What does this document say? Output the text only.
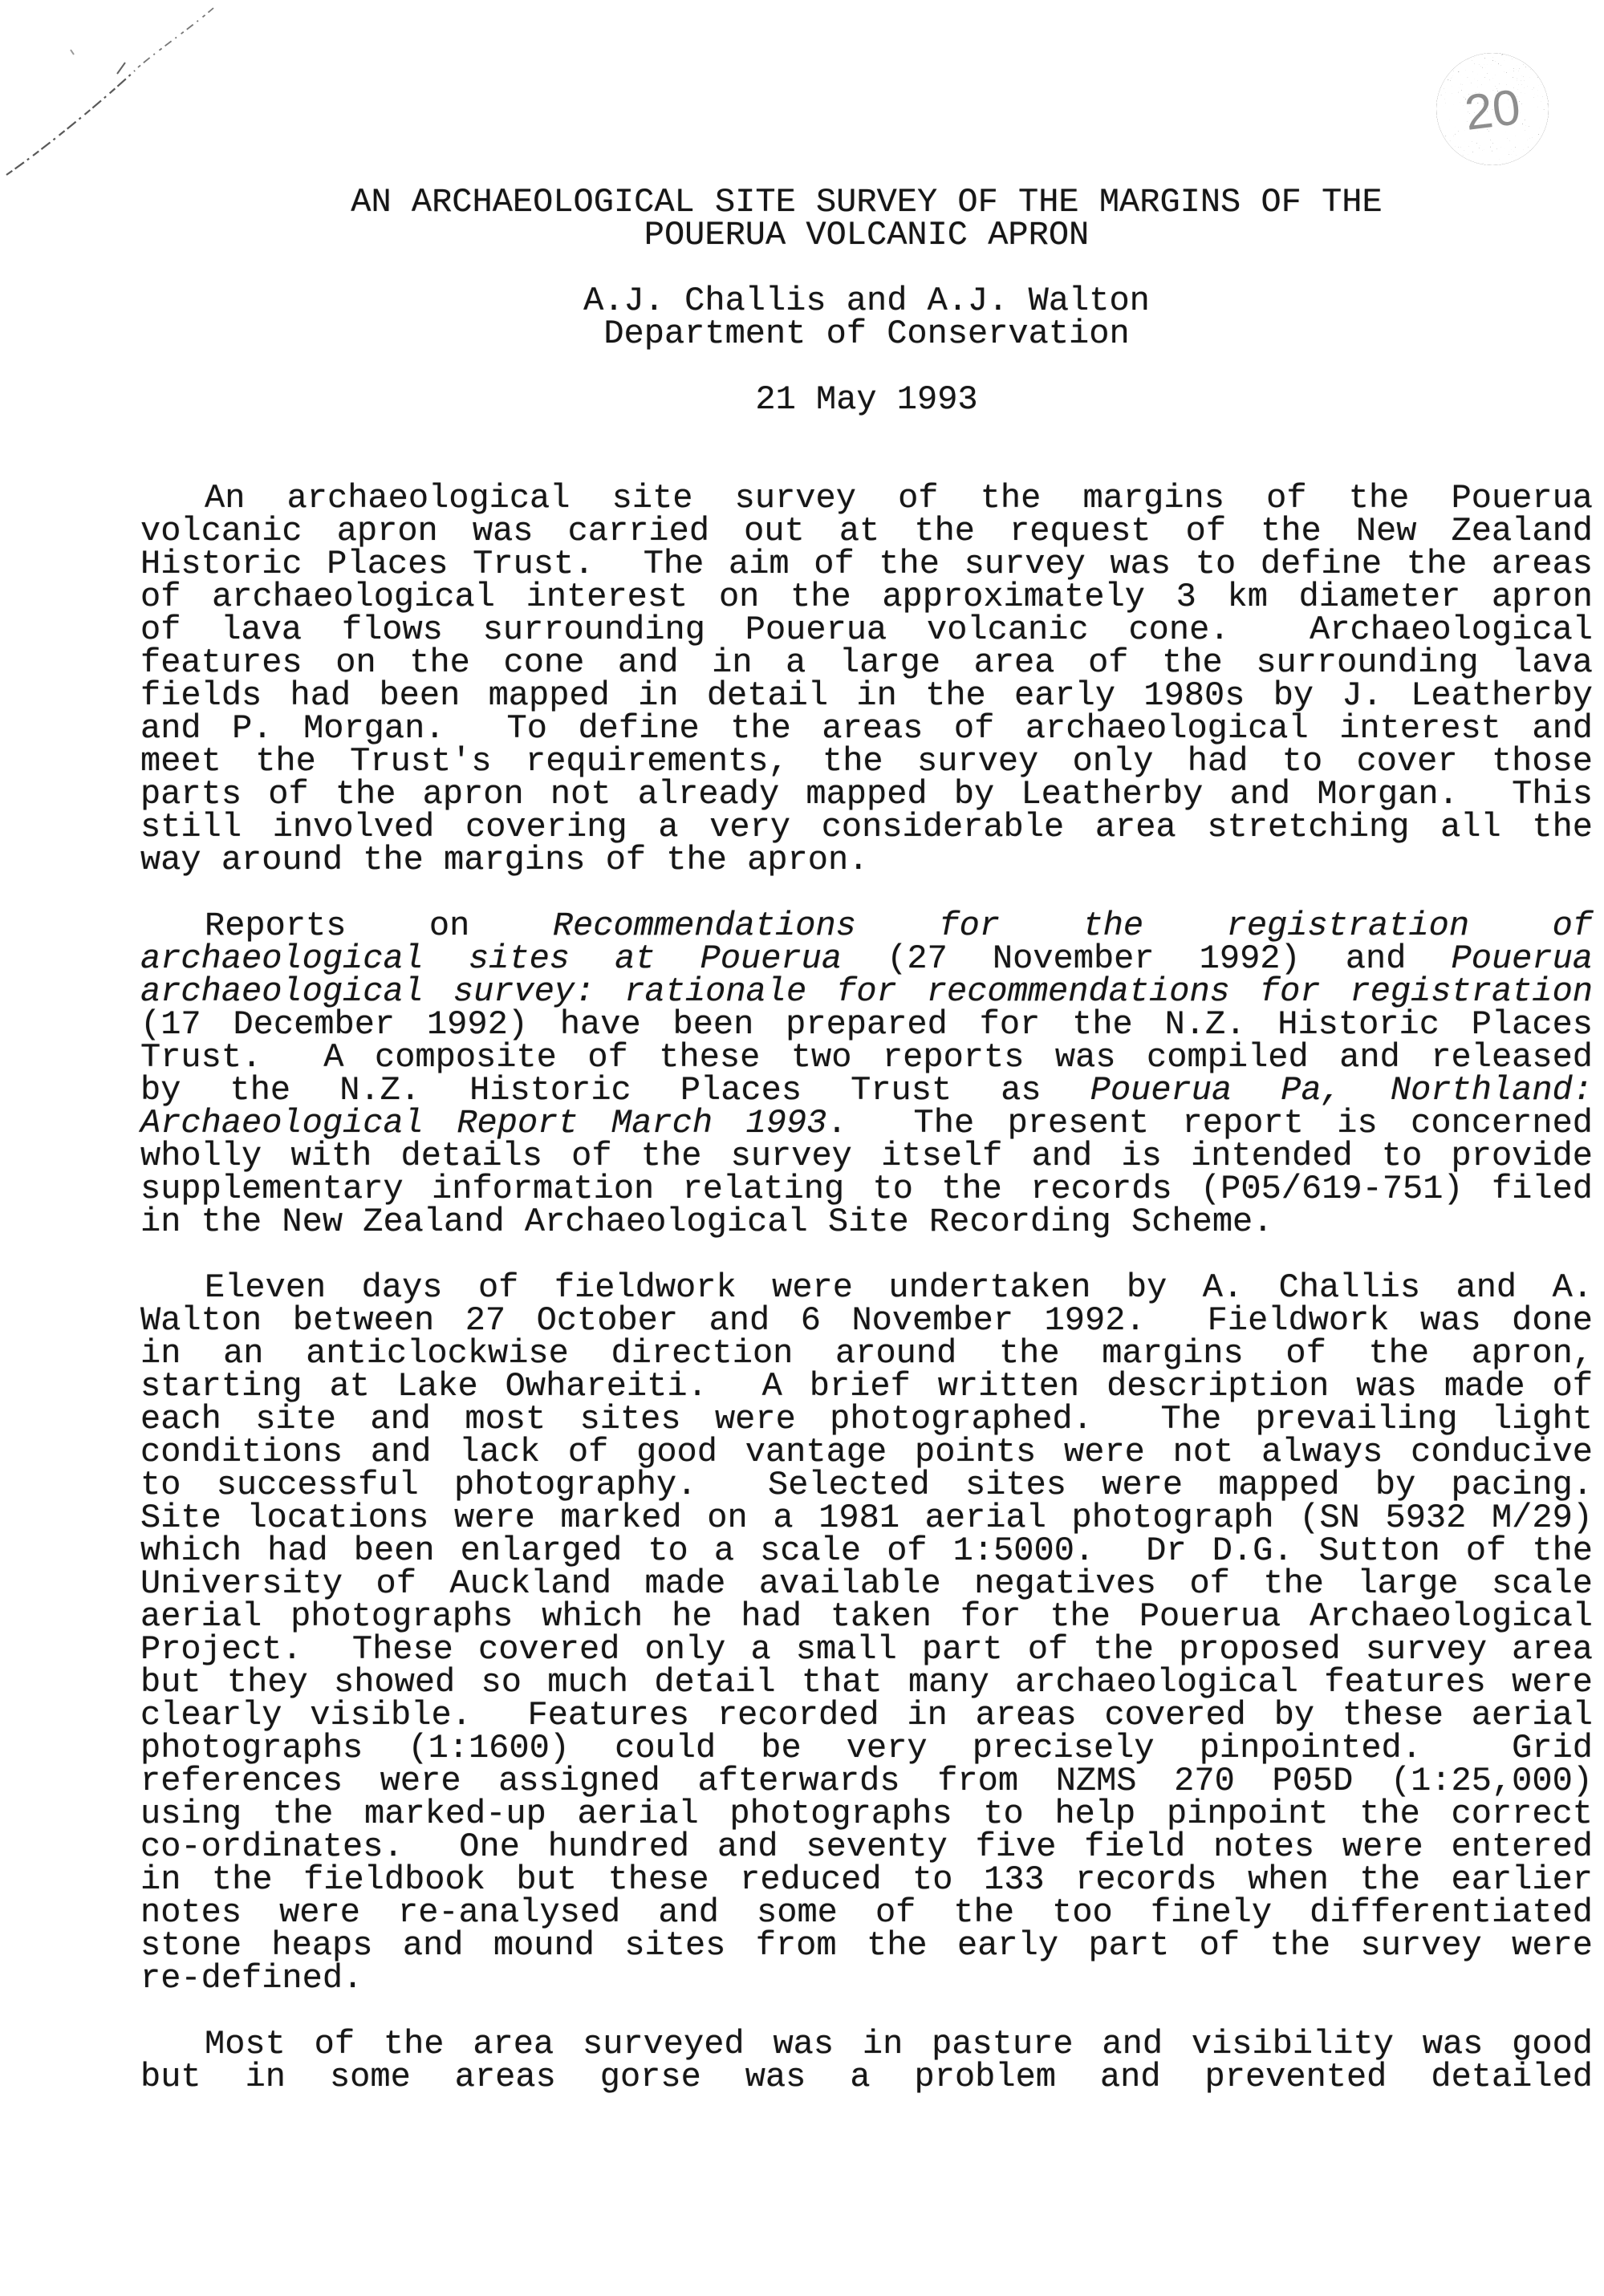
20
AN ARCHAEOLOGICAL SITE SURVEY OF THE MARGINS OF THE
POUERUA VOLCANIC APRON
A.J. Challis and A.J. Walton
Department of Conservation
21 May 1993
An archaeological site survey of the margins of the Pouerua
volcanic apron was carried out at the request of the New Zealand
Historic Places Trust.  The aim of the survey was to define the areas
of archaeological interest on the approximately 3 km diameter apron
of lava flows surrounding Pouerua volcanic cone.  Archaeological
features on the cone and in a large area of the surrounding lava
fields had been mapped in detail in the early 1980s by J. Leatherby
and P. Morgan.  To define the areas of archaeological interest and
meet the Trust's requirements, the survey only had to cover those
parts of the apron not already mapped by Leatherby and Morgan.  This
still involved covering a very considerable area stretching all the
way around the margins of the apron.
Reports on Recommendations for the registration of
archaeological sites at Pouerua (27 November 1992) and Pouerua
archaeological survey: rationale for recommendations for registration
(17 December 1992) have been prepared for the N.Z. Historic Places
Trust.  A composite of these two reports was compiled and released
by the N.Z. Historic Places Trust as Pouerua Pa, Northland:
Archaeological Report March 1993.  The present report is concerned
wholly with details of the survey itself and is intended to provide
supplementary information relating to the records (P05/619-751) filed
in the New Zealand Archaeological Site Recording Scheme.
Eleven days of fieldwork were undertaken by A. Challis and A.
Walton between 27 October and 6 November 1992.  Fieldwork was done
in an anticlockwise direction around the margins of the apron,
starting at Lake Owhareiti.  A brief written description was made of
each site and most sites were photographed.  The prevailing light
conditions and lack of good vantage points were not always conducive
to successful photography.  Selected sites were mapped by pacing.
Site locations were marked on a 1981 aerial photograph (SN 5932 M/29)
which had been enlarged to a scale of 1:5000.  Dr D.G. Sutton of the
University of Auckland made available negatives of the large scale
aerial photographs which he had taken for the Pouerua Archaeological
Project.  These covered only a small part of the proposed survey area
but they showed so much detail that many archaeological features were
clearly visible.  Features recorded in areas covered by these aerial
photographs (1:1600) could be very precisely pinpointed.  Grid
references were assigned afterwards from NZMS 270 P05D (1:25,000)
using the marked-up aerial photographs to help pinpoint the correct
co-ordinates.  One hundred and seventy five field notes were entered
in the fieldbook but these reduced to 133 records when the earlier
notes were re-analysed and some of the too finely differentiated
stone heaps and mound sites from the early part of the survey were
re-defined.
Most of the area surveyed was in pasture and visibility was good
but in some areas gorse was a problem and prevented detailed
